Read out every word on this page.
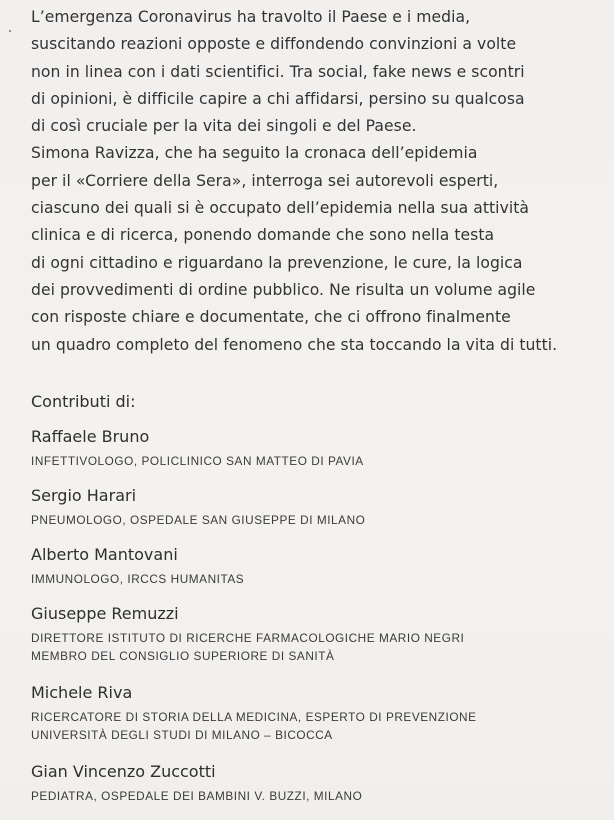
L’emergenza Coronavirus ha travolto il Paese e i media,
suscitando reazioni opposte e diffondendo convinzioni a volte
non in linea con i dati scientifici. Tra social, fake news e scontri
di opinioni, è difficile capire a chi affidarsi, persino su qualcosa
di così cruciale per la vita dei singoli e del Paese.
Simona Ravizza, che ha seguito la cronaca dell’epidemia
per il «Corriere della Sera», interroga sei autorevoli esperti,
ciascuno dei quali si è occupato dell’epidemia nella sua attività
clinica e di ricerca, ponendo domande che sono nella testa
di ogni cittadino e riguardano la prevenzione, le cure, la logica
dei provvedimenti di ordine pubblico. Ne risulta un volume agile
con risposte chiare e documentate, che ci offrono finalmente
un quadro completo del fenomeno che sta toccando la vita di tutti.
Contributi di:
Raffaele Bruno
INFETTIVOLOGO, POLICLINICO SAN MATTEO DI PAVIA
Sergio Harari
PNEUMOLOGO, OSPEDALE SAN GIUSEPPE DI MILANO
Alberto Mantovani
IMMUNOLOGO, IRCCS HUMANITAS
Giuseppe Remuzzi
DIRETTORE ISTITUTO DI RICERCHE FARMACOLOGICHE MARIO NEGRI
MEMBRO DEL CONSIGLIO SUPERIORE DI SANITÀ
Michele Riva
RICERCATORE DI STORIA DELLA MEDICINA, ESPERTO DI PREVENZIONE
UNIVERSITÀ DEGLI STUDI DI MILANO – BICOCCA
Gian Vincenzo Zuccotti
PEDIATRA, OSPEDALE DEI BAMBINI V. BUZZI, MILANO
